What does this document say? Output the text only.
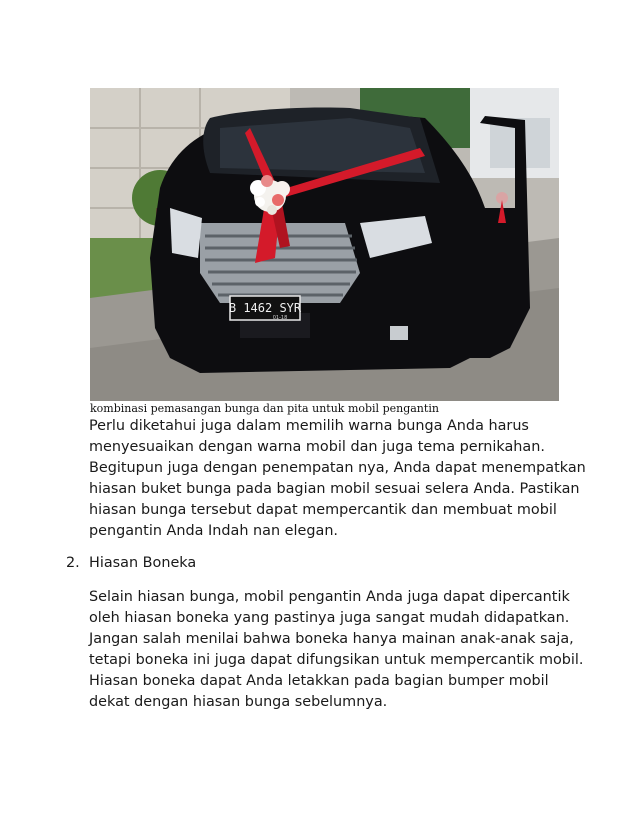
B 1462 SYR
01-18
kombinasi pemasangan bunga dan pita untuk mobil pengantin

Perlu diketahui juga dalam memilih warna bunga Anda harus
menyesuaikan dengan warna mobil dan juga tema pernikahan.
Begitupun juga dengan penempatan nya, Anda dapat menempatkan
hiasan buket bunga pada bagian mobil sesuai selera Anda. Pastikan
hiasan bunga tersebut dapat mempercantik dan membuat mobil
pengantin Anda Indah nan elegan.

2. Hiasan Boneka

Selain hiasan bunga, mobil pengantin Anda juga dapat dipercantik
oleh hiasan boneka yang pastinya juga sangat mudah didapatkan.
Jangan salah menilai bahwa boneka hanya mainan anak-anak saja,
tetapi boneka ini juga dapat difungsikan untuk mempercantik mobil.
Hiasan boneka dapat Anda letakkan pada bagian bumper mobil
dekat dengan hiasan bunga sebelumnya.
